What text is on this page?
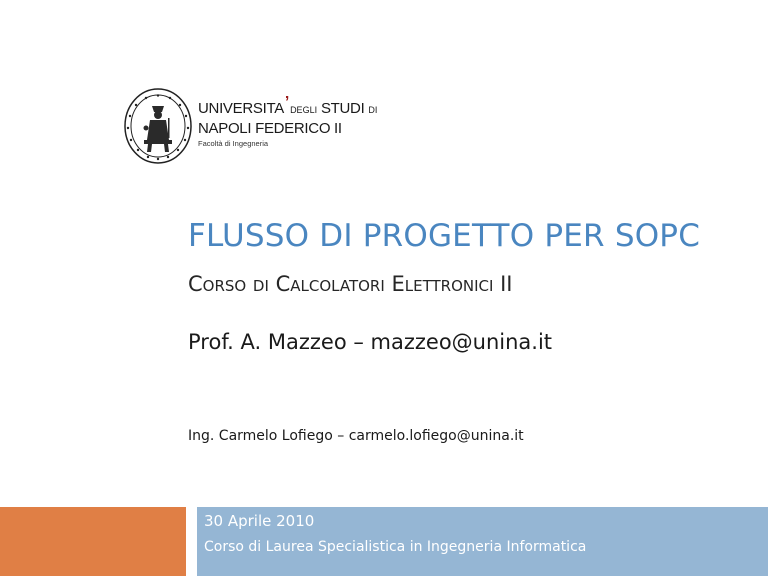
UNIVERSITA’DEGLI STUDI DI
NAPOLI FEDERICO II
Facoltà di Ingegneria
FLUSSO DI PROGETTO PER SOPC
CORSO DI CALCOLATORI ELETTRONICI II
Prof. A. Mazzeo – mazzeo@unina.it
Ing. Carmelo Lofiego – carmelo.lofiego@unina.it
30 Aprile 2010
Corso di Laurea Specialistica in Ingegneria Informatica
